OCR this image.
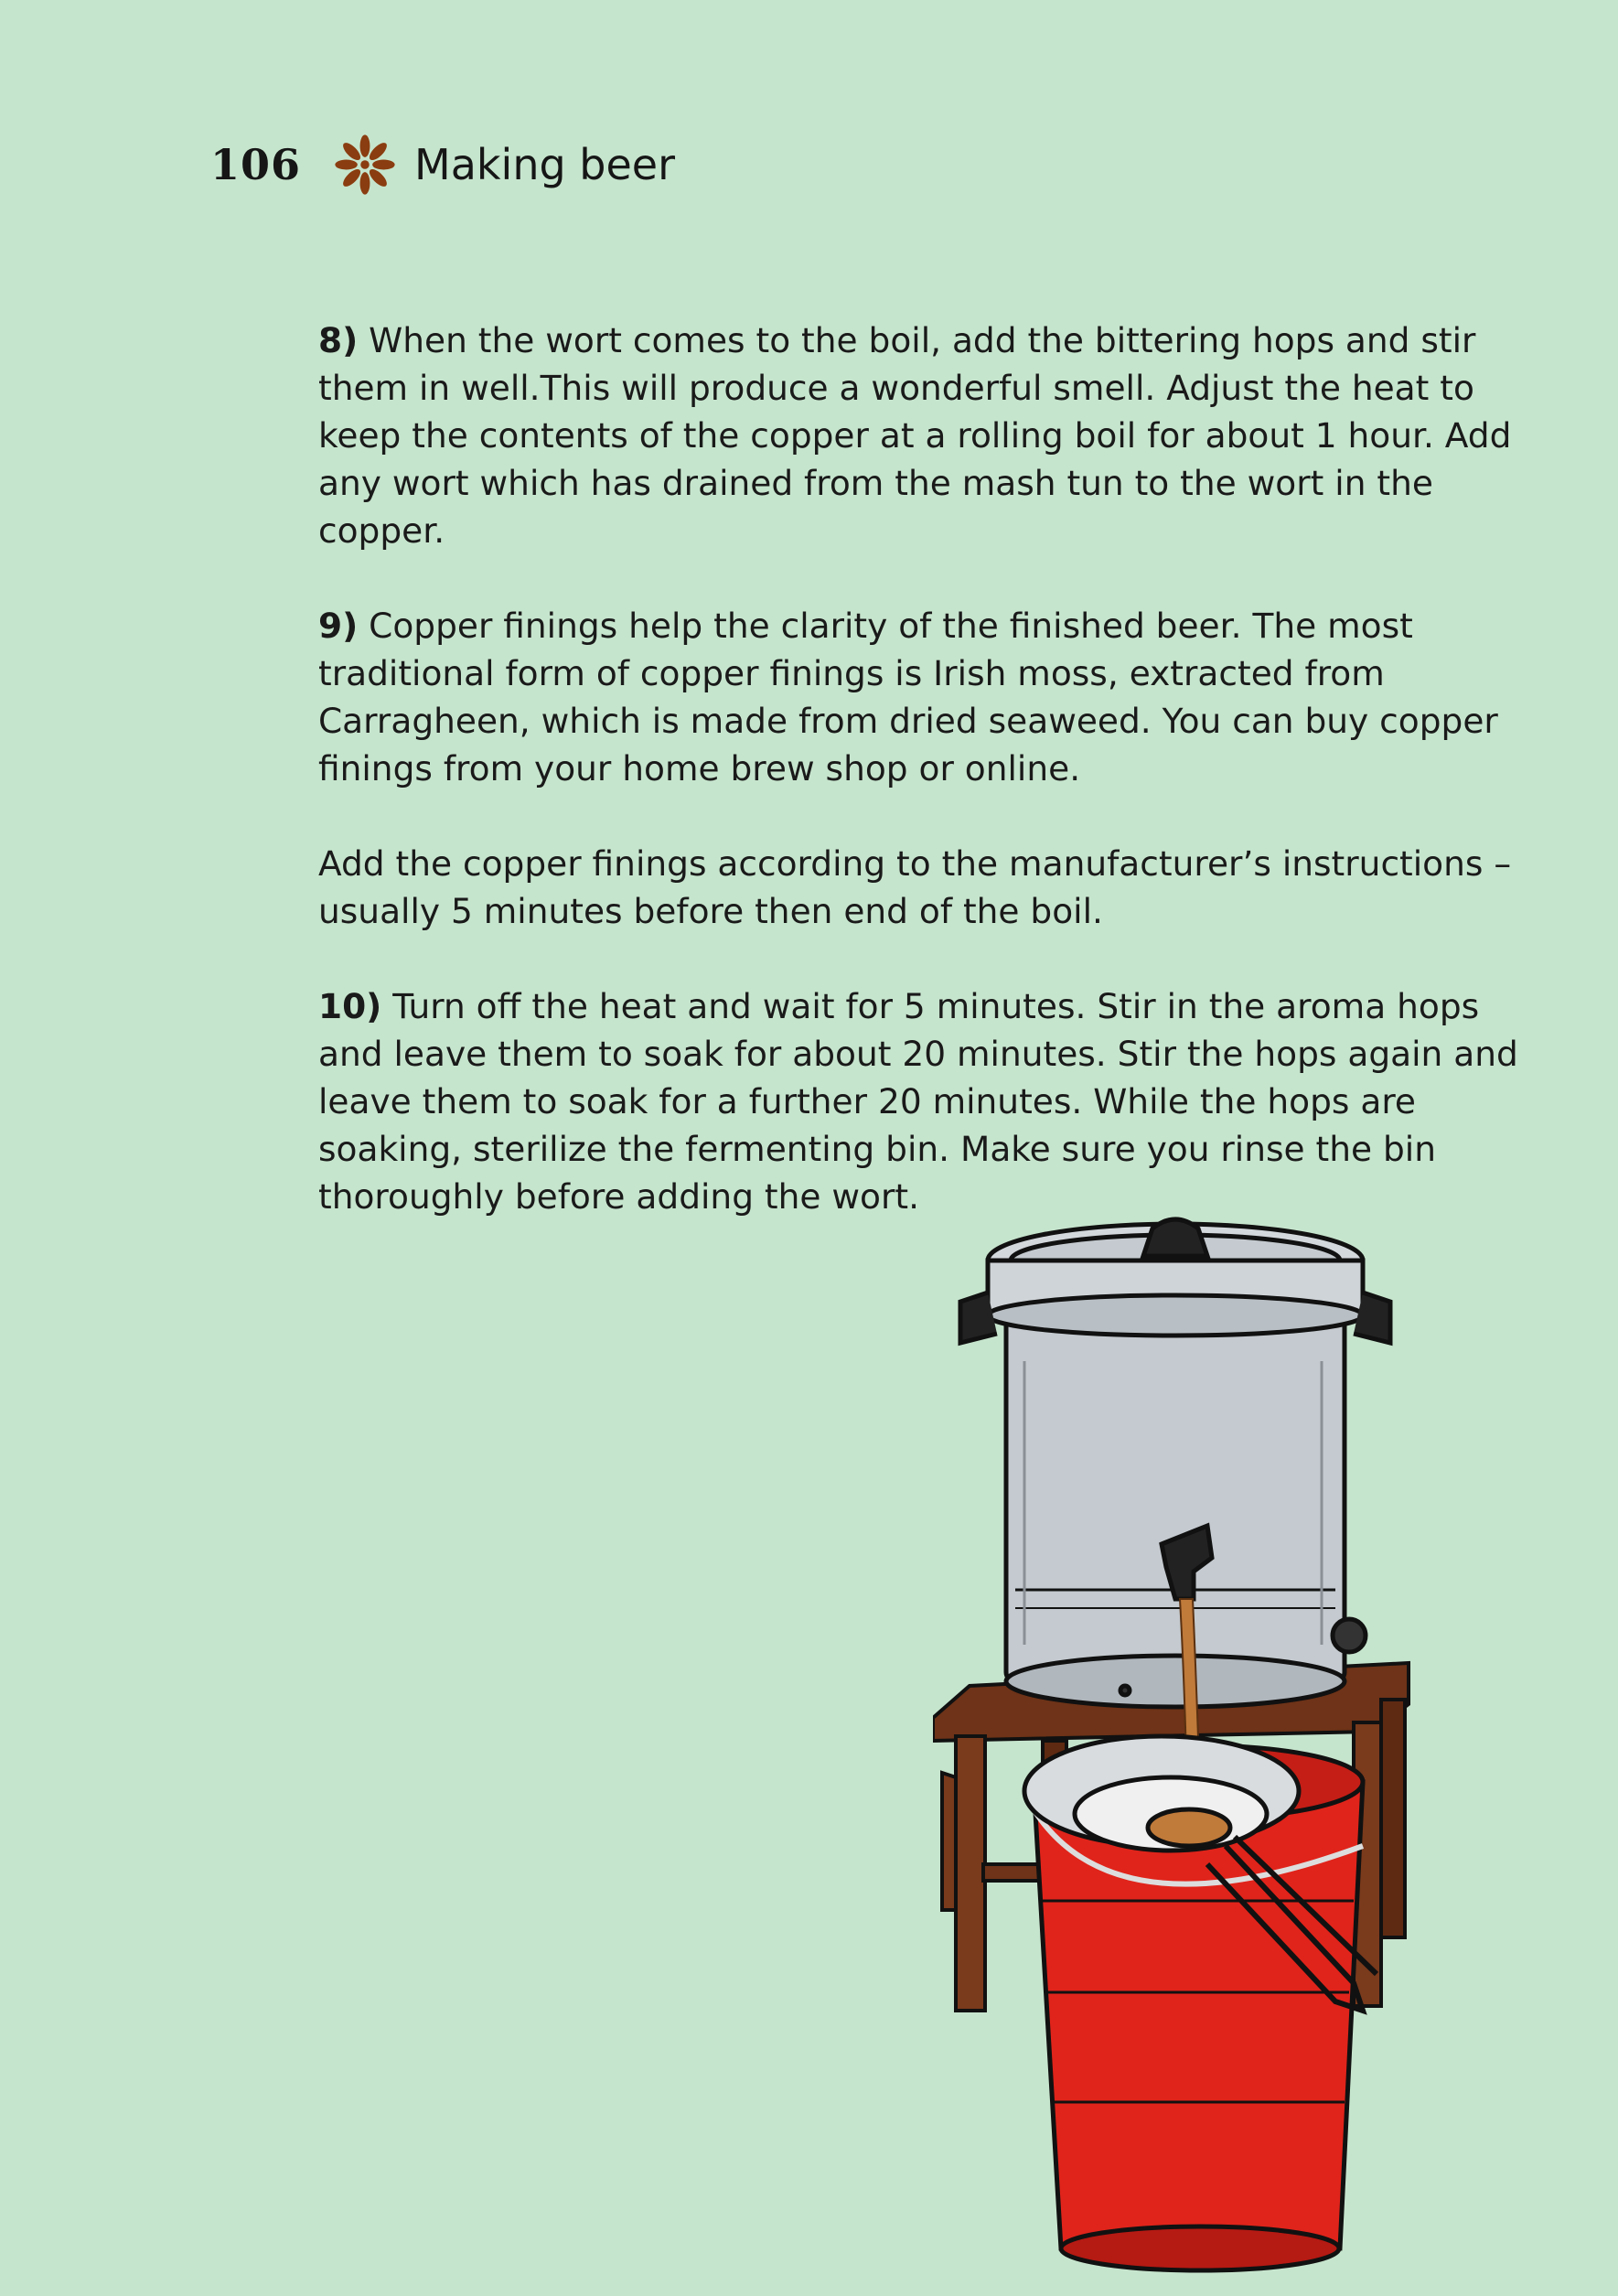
106	Making beer

8) When the wort comes to the boil, add the bittering hops and stir them in well.This will produce a wonderful smell. Adjust the heat to keep the contents of the copper at a rolling boil for about 1 hour. Add any wort which has drained from the mash tun to the wort in the copper.

9) Copper finings help the clarity of the finished beer. The most traditional form of copper finings is Irish moss, extracted from Carragheen, which is made from dried seaweed. You can buy copper finings from your home brew shop or online.

Add the copper finings according to the manufacturer’s instructions – usually 5 minutes before then end of the boil.

10) Turn off the heat and wait for 5 minutes. Stir in the aroma hops and leave them to soak for about 20 minutes. Stir the hops again and leave them to soak for a further 20 minutes. While the hops are soaking, sterilize the fermenting bin. Make sure you rinse the bin thoroughly before adding the wort.
